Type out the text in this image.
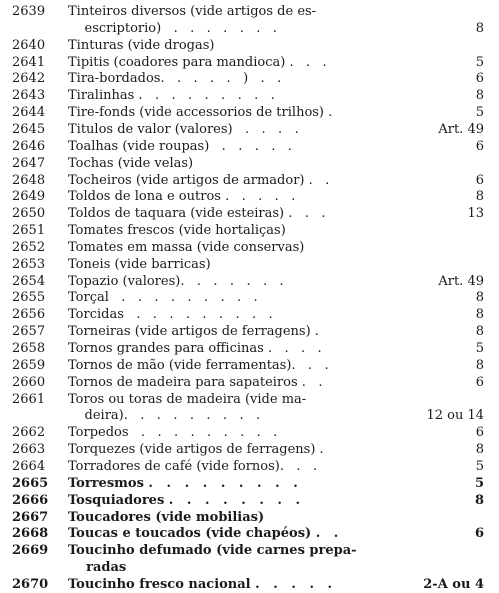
2639	Tinteiros diversos (vide artigos de es-
escriptorio)   .   .   .   .   .   .   .	8
2640	Tinturas (vide drogas)
2641	Tipitis (coadores para mandioca) .   .   .	5
2642	Tira-bordados.   .   .   .   .   )   .   .	6
2643	Tiralinhas .   .   .   .   .   .   .   .   .	8
2644	Tire-fonds (vide accessorios de trilhos) .	5
2645	Titulos de valor (valores)   .   .   .   .	Art. 49
2646	Toalhas (vide roupas)   .   .   .   .   .	6
2647	Tochas (vide velas)
2648	Tocheiros (vide artigos de armador) .   .	6
2649	Toldos de lona e outros .   .   .   .   .	8
2650	Toldos de taquara (vide esteiras) .   .   .	13
2651	Tomates frescos (vide hortaliças)
2652	Tomates em massa (vide conservas)
2653	Toneis (vide barricas)
2654	Topazio (valores).   .   .   .   .   .   .	Art. 49
2655	Torçal   .   .   .   .   .   .   .   .   .	8
2656	Torcidas   .   .   .   .   .   .   .   .   .	8
2657	Torneiras (vide artigos de ferragens) .	8
2658	Tornos grandes para officinas .   .   .   .	5
2659	Tornos de mão (vide ferramentas).   .   .	8
2660	Tornos de madeira para sapateiros .   .	6
2661	Toros ou toras de madeira (vide ma-
deira).   .   .   .   .   .   .   .   .	12 ou 14
2662	Torpedos   .   .   .   .   .   .   .   .   .	6
2663	Torquezes (vide artigos de ferragens) .	8
2664	Torradores de café (vide fornos).   .   .	5
2665	Torresmos .   .   .   .   .   .   .   .   .	5
2666	Tosquiadores .   .   .   .   .   .   .   .	8
2667	Toucadores (vide mobilias)
2668	Toucas e toucados (vide chapéos) .   .	6
2669	Toucinho defumado (vide carnes prepa-
radas
2670	Toucinho fresco nacional .   .   .   .   .	2-A ou 4
